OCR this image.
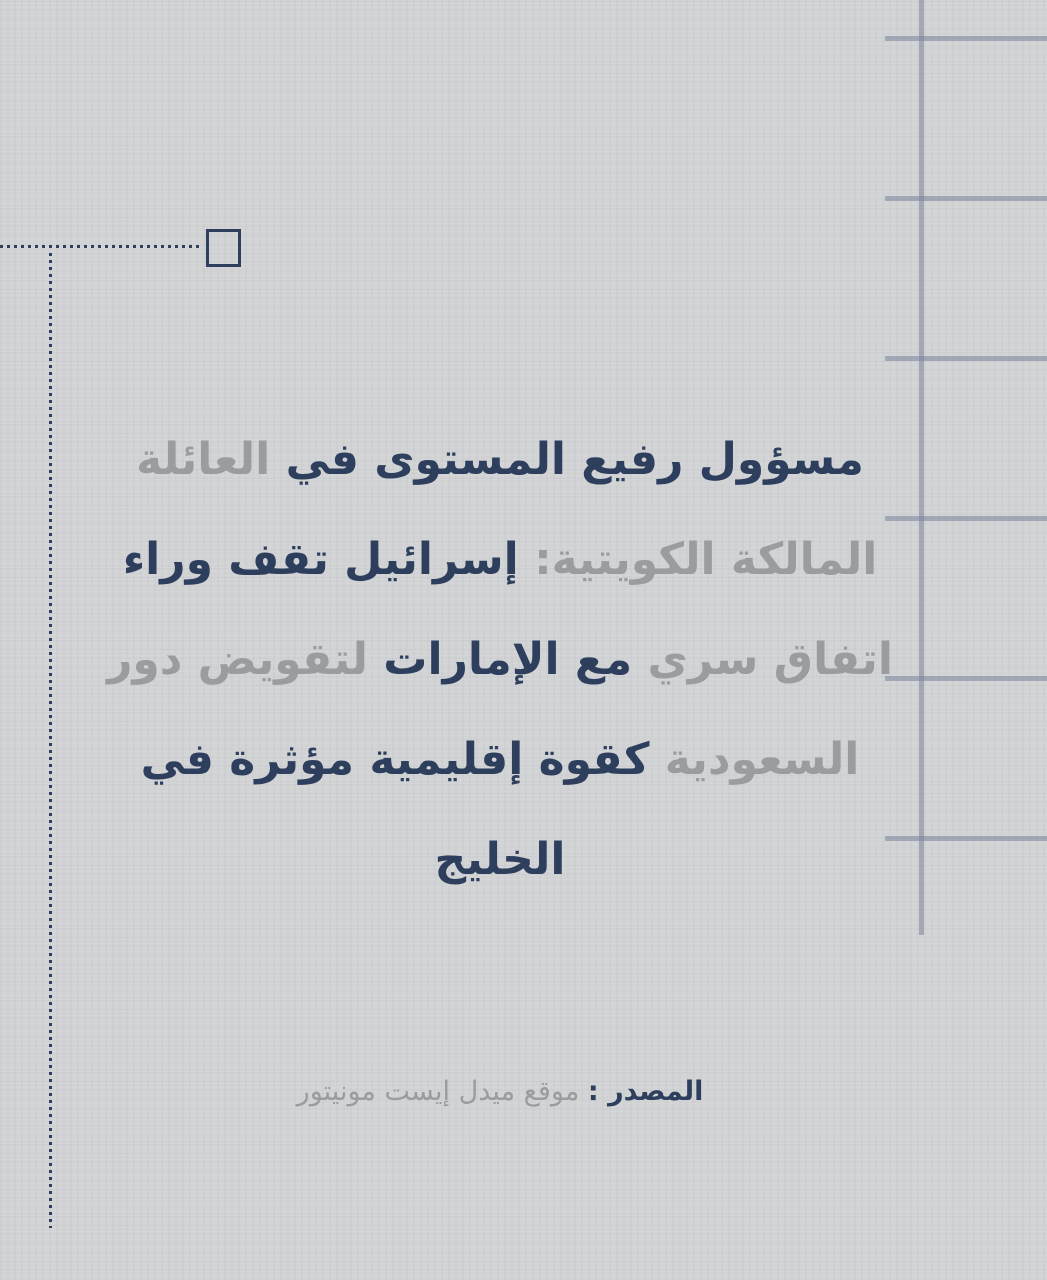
مسؤول رفيع المستوى في العائلة
المالكة الكويتية: إسرائيل تقف وراء
اتفاق سري مع الإمارات لتقويض دور
السعودية كقوة إقليمية مؤثرة في
الخليج
المصدر : موقع ميدل إيست مونيتور
